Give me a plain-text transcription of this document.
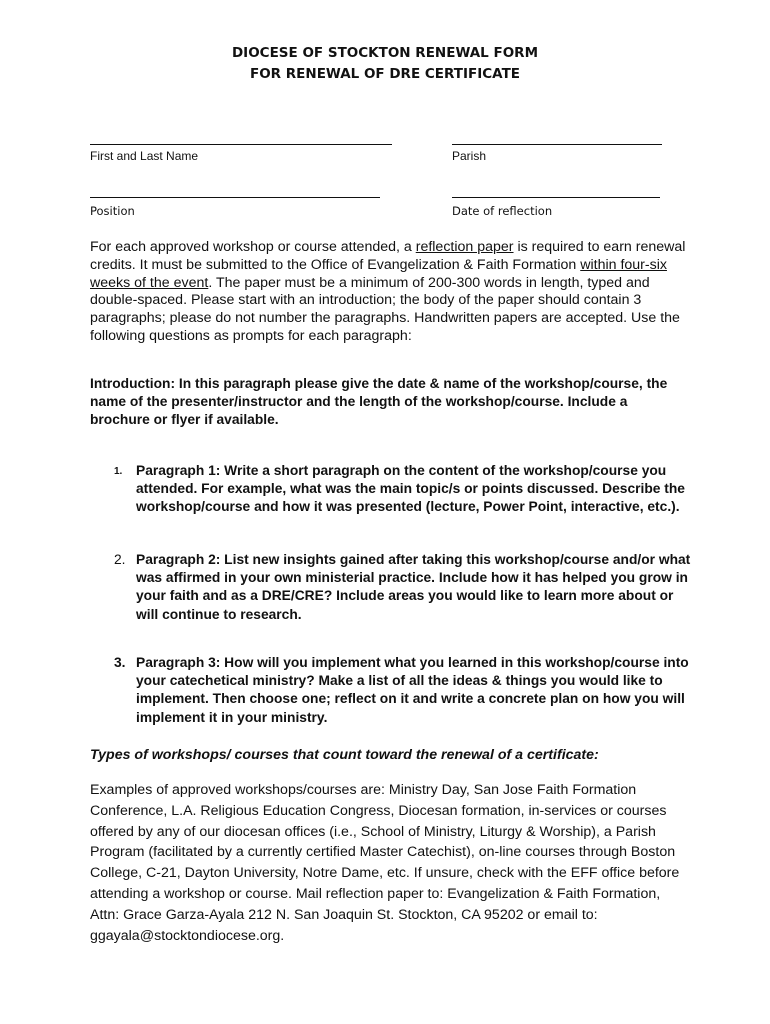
DIOCESE OF STOCKTON RENEWAL FORM
FOR RENEWAL OF DRE CERTIFICATE
First and Last Name	Parish
Position	Date of reflection
For each approved workshop or course attended, a reflection paper is required to earn renewal credits. It must be submitted to the Office of Evangelization & Faith Formation within four-six weeks of the event. The paper must be a minimum of 200-300 words in length, typed and double-spaced. Please start with an introduction; the body of the paper should contain 3 paragraphs; please do not number the paragraphs. Handwritten papers are accepted. Use the following questions as prompts for each paragraph:
Introduction: In this paragraph please give the date & name of the workshop/course, the name of the presenter/instructor and the length of the workshop/course. Include a brochure or flyer if available.
1. Paragraph 1: Write a short paragraph on the content of the workshop/course you attended. For example, what was the main topic/s or points discussed. Describe the workshop/course and how it was presented (lecture, Power Point, interactive, etc.).
2. Paragraph 2: List new insights gained after taking this workshop/course and/or what was affirmed in your own ministerial practice. Include how it has helped you grow in your faith and as a DRE/CRE? Include areas you would like to learn more about or will continue to research.
3. Paragraph 3: How will you implement what you learned in this workshop/course into your catechetical ministry? Make a list of all the ideas & things you would like to implement. Then choose one; reflect on it and write a concrete plan on how you will implement it in your ministry.
Types of workshops/ courses that count toward the renewal of a certificate:
Examples of approved workshops/courses are: Ministry Day, San Jose Faith Formation Conference, L.A. Religious Education Congress, Diocesan formation, in-services or courses offered by any of our diocesan offices (i.e., School of Ministry, Liturgy & Worship), a Parish Program (facilitated by a currently certified Master Catechist), on-line courses through Boston College, C-21, Dayton University, Notre Dame, etc. If unsure, check with the EFF office before attending a workshop or course. Mail reflection paper to: Evangelization & Faith Formation, Attn: Grace Garza-Ayala 212 N. San Joaquin St. Stockton, CA 95202 or email to: ggayala@stocktondiocese.org.
